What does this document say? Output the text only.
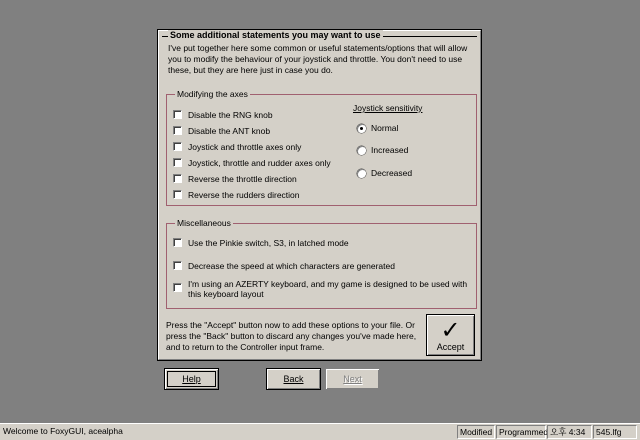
Some additional statements you may want to use
I've put together here some common or useful statements/options that will allow you to modify the behaviour of your joystick and throttle. You don't need to use these, but they are here just in case you do.
Modifying the axes
Disable the RNG knob
Disable the ANT knob
Joystick and throttle axes only
Joystick, throttle and rudder axes only
Reverse the throttle direction
Reverse the rudders direction
Joystick sensitivity
Normal
Increased
Decreased
Miscellaneous
Use the Pinkie switch, S3, in latched mode
Decrease the speed at which characters are generated
I'm using an AZERTY keyboard, and my game is designed to be used with this keyboard layout
Press the "Accept" button now to add these options to your file. Or press the "Back" button to discard any changes you've made here, and to return to the Controller input frame.
✓
Accept
Help	Back	Next
Welcome to FoxyGUI, acealpha	Modified Programmed 오후 4:34	545.lfg
